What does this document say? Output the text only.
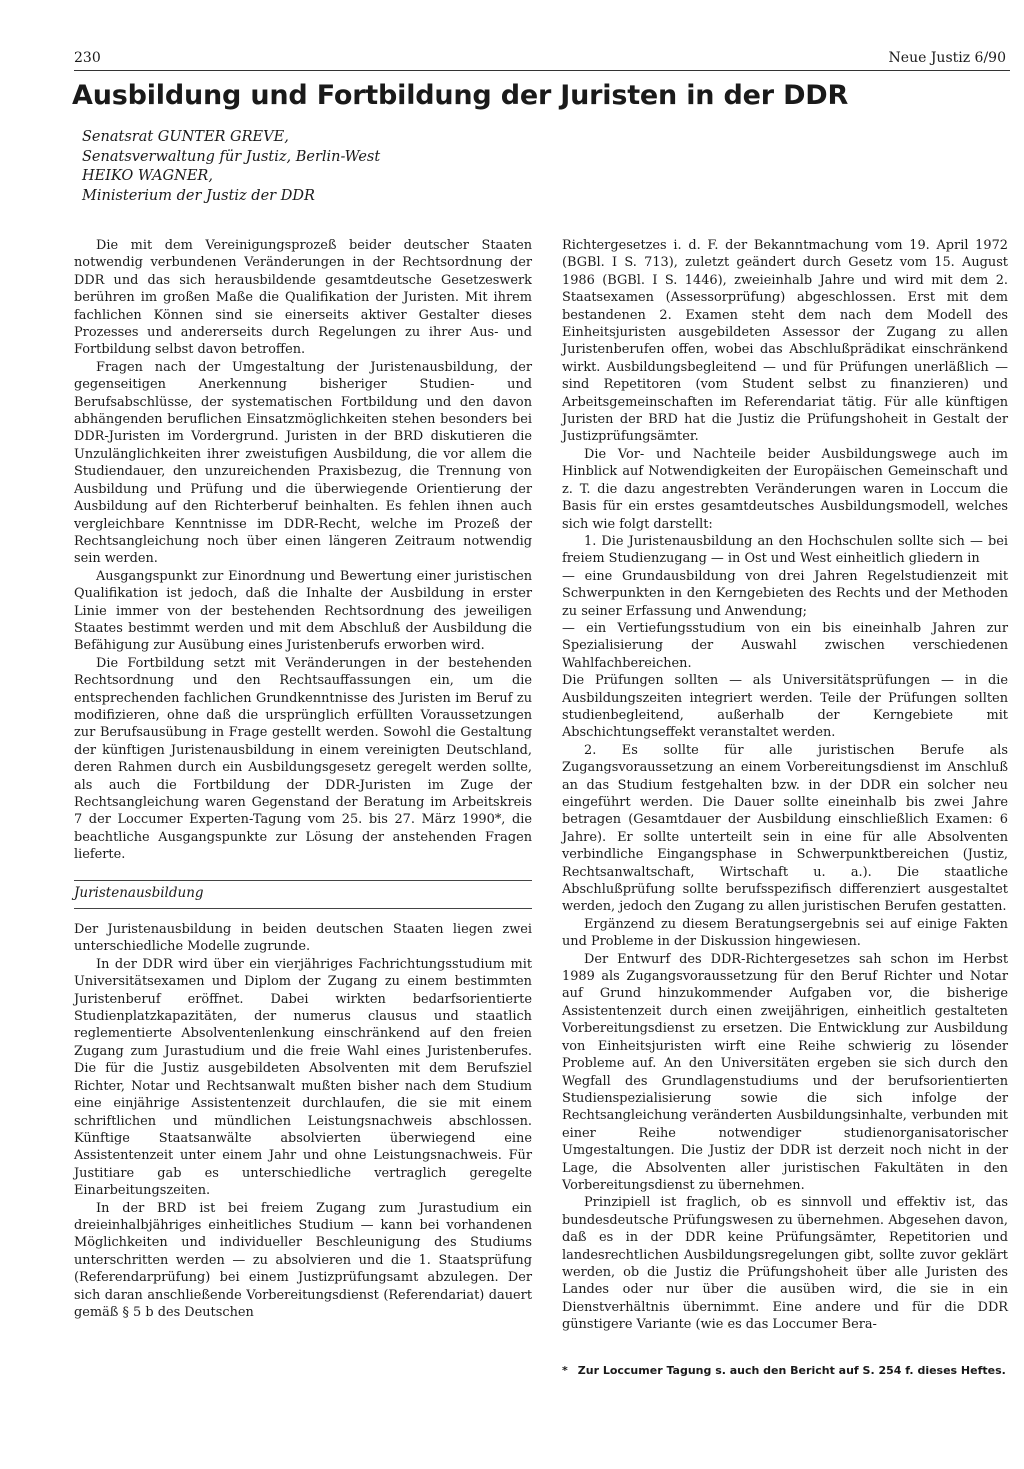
230	Neue Justiz 6/90
Ausbildung und Fortbildung der Juristen in der DDR
Senatsrat GUNTER GREVE,
Senatsverwaltung für Justiz, Berlin-West
HEIKO WAGNER,
Ministerium der Justiz der DDR

Die mit dem Vereinigungsprozeß beider deutscher Staaten notwendig verbundenen Veränderungen in der Rechtsordnung der DDR und das sich herausbildende gesamtdeutsche Gesetzeswerk berühren im großen Maße die Qualifikation der Juristen. Mit ihrem fachlichen Können sind sie einerseits aktiver Gestalter dieses Prozesses und andererseits durch Regelungen zu ihrer Aus- und Fortbildung selbst davon betroffen.

Fragen nach der Umgestaltung der Juristenausbildung, der gegenseitigen Anerkennung bisheriger Studien- und Berufsabschlüsse, der systematischen Fortbildung und den davon abhängenden beruflichen Einsatzmöglichkeiten stehen besonders bei DDR-Juristen im Vordergrund. Juristen in der BRD diskutieren die Unzulänglichkeiten ihrer zweistufigen Ausbildung, die vor allem die Studiendauer, den unzureichenden Praxisbezug, die Trennung von Ausbildung und Prüfung und die überwiegende Orientierung der Ausbildung auf den Richterberuf beinhalten. Es fehlen ihnen auch vergleichbare Kenntnisse im DDR-Recht, welche im Prozeß der Rechtsangleichung noch über einen längeren Zeitraum notwendig sein werden.

Ausgangspunkt zur Einordnung und Bewertung einer juristischen Qualifikation ist jedoch, daß die Inhalte der Ausbildung in erster Linie immer von der bestehenden Rechtsordnung des jeweiligen Staates bestimmt werden und mit dem Abschluß der Ausbildung die Befähigung zur Ausübung eines Juristenberufs erworben wird.

Die Fortbildung setzt mit Veränderungen in der bestehenden Rechtsordnung und den Rechtsauffassungen ein, um die entsprechenden fachlichen Grundkenntnisse des Juristen im Beruf zu modifizieren, ohne daß die ursprünglich erfüllten Voraussetzungen zur Berufsausübung in Frage gestellt werden. Sowohl die Gestaltung der künftigen Juristenausbildung in einem vereinigten Deutschland, deren Rahmen durch ein Ausbildungsgesetz geregelt werden sollte, als auch die Fortbildung der DDR-Juristen im Zuge der Rechtsangleichung waren Gegenstand der Beratung im Arbeitskreis 7 der Loccumer Experten-Tagung vom 25. bis 27. März 1990*, die beachtliche Ausgangspunkte zur Lösung der anstehenden Fragen lieferte.

Juristenausbildung

Der Juristenausbildung in beiden deutschen Staaten liegen zwei unterschiedliche Modelle zugrunde.

In der DDR wird über ein vierjähriges Fachrichtungsstudium mit Universitätsexamen und Diplom der Zugang zu einem bestimmten Juristenberuf eröffnet. Dabei wirkten bedarfsorientierte Studienplatzkapazitäten, der numerus clausus und staatlich reglementierte Absolventenlenkung einschränkend auf den freien Zugang zum Jurastudium und die freie Wahl eines Juristenberufes. Die für die Justiz ausgebildeten Absolventen mit dem Berufsziel Richter, Notar und Rechtsanwalt mußten bisher nach dem Studium eine einjährige Assistentenzeit durchlaufen, die sie mit einem schriftlichen und mündlichen Leistungsnachweis abschlossen. Künftige Staatsanwälte absolvierten überwiegend eine Assistentenzeit unter einem Jahr und ohne Leistungsnachweis. Für Justitiare gab es unterschiedliche vertraglich geregelte Einarbeitungszeiten.

In der BRD ist bei freiem Zugang zum Jurastudium ein dreieinhalbjähriges einheitliches Studium — kann bei vorhandenen Möglichkeiten und individueller Beschleunigung des Studiums unterschritten werden — zu absolvieren und die 1. Staatsprüfung (Referendarprüfung) bei einem Justizprüfungsamt abzulegen. Der sich daran anschließende Vorbereitungsdienst (Referendariat) dauert gemäß § 5 b des Deutschen

Richtergesetzes i. d. F. der Bekanntmachung vom 19. April 1972 (BGBl. I S. 713), zuletzt geändert durch Gesetz vom 15. August 1986 (BGBl. I S. 1446), zweieinhalb Jahre und wird mit dem 2. Staatsexamen (Assessorprüfung) abgeschlossen. Erst mit dem bestandenen 2. Examen steht dem nach dem Modell des Einheitsjuristen ausgebildeten Assessor der Zugang zu allen Juristenberufen offen, wobei das Abschlußprädikat einschränkend wirkt. Ausbildungsbegleitend — und für Prüfungen unerläßlich — sind Repetitoren (vom Student selbst zu finanzieren) und Arbeitsgemeinschaften im Referendariat tätig. Für alle künftigen Juristen der BRD hat die Justiz die Prüfungshoheit in Gestalt der Justizprüfungsämter.

Die Vor- und Nachteile beider Ausbildungswege auch im Hinblick auf Notwendigkeiten der Europäischen Gemeinschaft und z. T. die dazu angestrebten Veränderungen waren in Loccum die Basis für ein erstes gesamtdeutsches Ausbildungsmodell, welches sich wie folgt darstellt:

1. Die Juristenausbildung an den Hochschulen sollte sich — bei freiem Studienzugang — in Ost und West einheitlich gliedern in

— eine Grundausbildung von drei Jahren Regelstudienzeit mit Schwerpunkten in den Kerngebieten des Rechts und der Methoden zu seiner Erfassung und Anwendung;

— ein Vertiefungsstudium von ein bis eineinhalb Jahren zur Spezialisierung der Auswahl zwischen verschiedenen Wahlfachbereichen.

Die Prüfungen sollten — als Universitätsprüfungen — in die Ausbildungszeiten integriert werden. Teile der Prüfungen sollten studienbegleitend, außerhalb der Kerngebiete mit Abschichtungseffekt veranstaltet werden.

2. Es sollte für alle juristischen Berufe als Zugangsvoraussetzung an einem Vorbereitungsdienst im Anschluß an das Studium festgehalten bzw. in der DDR ein solcher neu eingeführt werden. Die Dauer sollte eineinhalb bis zwei Jahre betragen (Gesamtdauer der Ausbildung einschließlich Examen: 6 Jahre). Er sollte unterteilt sein in eine für alle Absolventen verbindliche Eingangsphase in Schwerpunktbereichen (Justiz, Rechtsanwaltschaft, Wirtschaft u. a.). Die staatliche Abschlußprüfung sollte berufsspezifisch differenziert ausgestaltet werden, jedoch den Zugang zu allen juristischen Berufen gestatten.

Ergänzend zu diesem Beratungsergebnis sei auf einige Fakten und Probleme in der Diskussion hingewiesen.

Der Entwurf des DDR-Richtergesetzes sah schon im Herbst 1989 als Zugangsvoraussetzung für den Beruf Richter und Notar auf Grund hinzukommender Aufgaben vor, die bisherige Assistentenzeit durch einen zweijährigen, einheitlich gestalteten Vorbereitungsdienst zu ersetzen. Die Entwicklung zur Ausbildung von Einheitsjuristen wirft eine Reihe schwierig zu lösender Probleme auf. An den Universitäten ergeben sie sich durch den Wegfall des Grundlagenstudiums und der berufsorientierten Studienspezialisierung sowie die sich infolge der Rechtsangleichung veränderten Ausbildungsinhalte, verbunden mit einer Reihe notwendiger studienorganisatorischer Umgestaltungen. Die Justiz der DDR ist derzeit noch nicht in der Lage, die Absolventen aller juristischen Fakultäten in den Vorbereitungsdienst zu übernehmen.

Prinzipiell ist fraglich, ob es sinnvoll und effektiv ist, das bundesdeutsche Prüfungswesen zu übernehmen. Abgesehen davon, daß es in der DDR keine Prüfungsämter, Repetitorien und landesrechtlichen Ausbildungsregelungen gibt, sollte zuvor geklärt werden, ob die Justiz die Prüfungshoheit über alle Juristen des Landes oder nur über die ausüben wird, die sie in ein Dienstverhältnis übernimmt. Eine andere und für die DDR günstigere Variante (wie es das Loccumer Bera-

* Zur Loccumer Tagung s. auch den Bericht auf S. 254 f. dieses Heftes.
